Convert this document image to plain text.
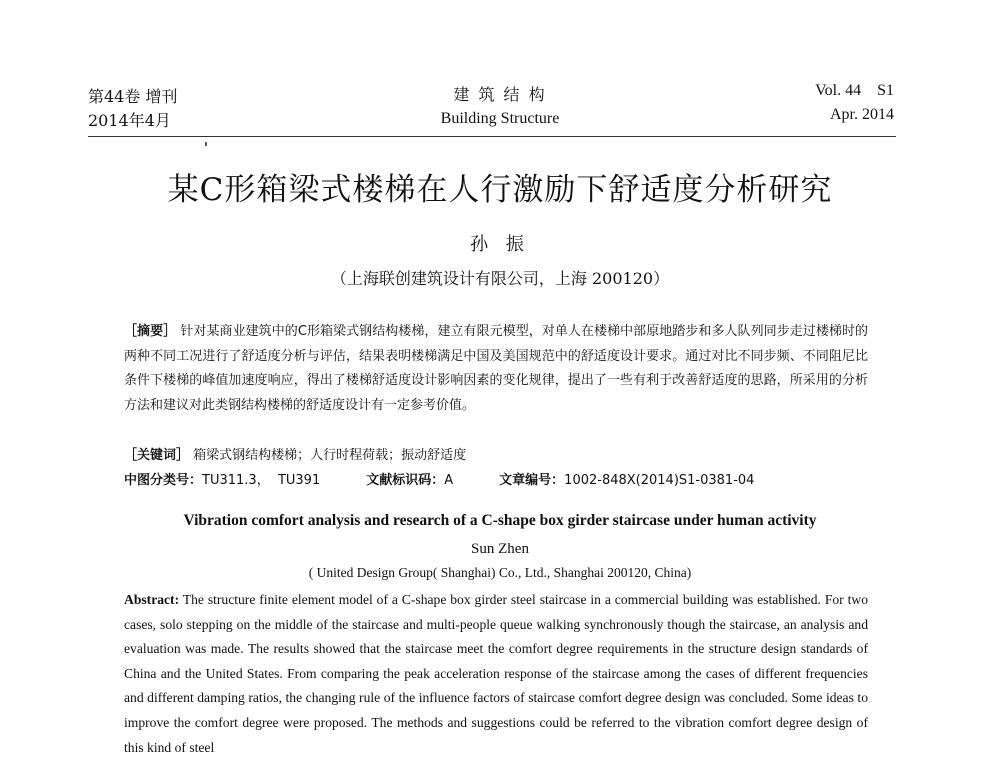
第44卷 增刊
2014年4月
建 筑 结 构
Building Structure
Vol. 44    S1
Apr. 2014
某C形箱梁式楼梯在人行激励下舒适度分析研究
孙 振
（上海联创建筑设计有限公司，上海 200120）

［摘要］ 针对某商业建筑中的C形箱梁式钢结构楼梯，建立有限元模型，对单人在楼梯中部原地踏步和多人队列同步走过楼梯时的两种不同工况进行了舒适度分析与评估，结果表明楼梯满足中国及美国规范中的舒适度设计要求。通过对比不同步频、不同阻尼比条件下楼梯的峰值加速度响应，得出了楼梯舒适度设计影响因素的变化规律，提出了一些有利于改善舒适度的思路，所采用的分析方法和建议对此类钢结构楼梯的舒适度设计有一定参考价值。

［关键词］ 箱梁式钢结构楼梯；人行时程荷载；振动舒适度
中图分类号：TU311.3，  TU391	文献标识码：A	文章编号：1002-848X(2014)S1-0381-04
Vibration comfort analysis and research of a C-shape box girder staircase under human activity
Sun Zhen
( United Design Group( Shanghai) Co., Ltd., Shanghai 200120, China)

Abstract: The structure finite element model of a C-shape box girder steel staircase in a commercial building was established. For two cases, solo stepping on the middle of the staircase and multi-people queue walking synchronously though the staircase, an analysis and evaluation was made. The results showed that the staircase meet the comfort degree requirements in the structure design standards of China and the United States. From comparing the peak acceleration response of the staircase among the cases of different frequencies and different damping ratios, the changing rule of the influence factors of staircase comfort degree design was concluded. Some ideas to improve the comfort degree were proposed. The methods and suggestions could be referred to the vibration comfort degree design of this kind of steel
